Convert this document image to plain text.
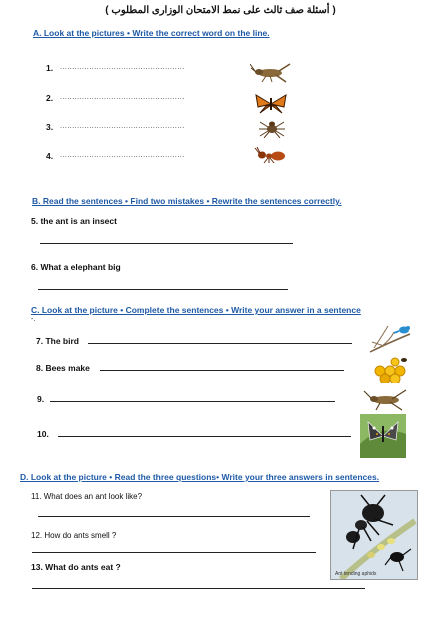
( أسئلة صف ثالث على نمط الامتحان الوزارى المطلوب )
A. Look at the pictures • Write the correct word on the line.
1. ...................................................
2. ...................................................
3. ...................................................
4. ...................................................
B. Read the sentences • Find two mistakes • Rewrite the sentences correctly.
5. the ant is an insect
6. What a elephant big
C. Look at the picture • Complete the sentences • Write your answer in a sentence
-.
7. The bird
8. Bees make
9.
10.
D. Look at the picture • Read the three questions• Write your three answers in sentences.
11. What does an ant look like?
12. How do ants smell ?
13. What do ants eat ?
Ant tending aphids
